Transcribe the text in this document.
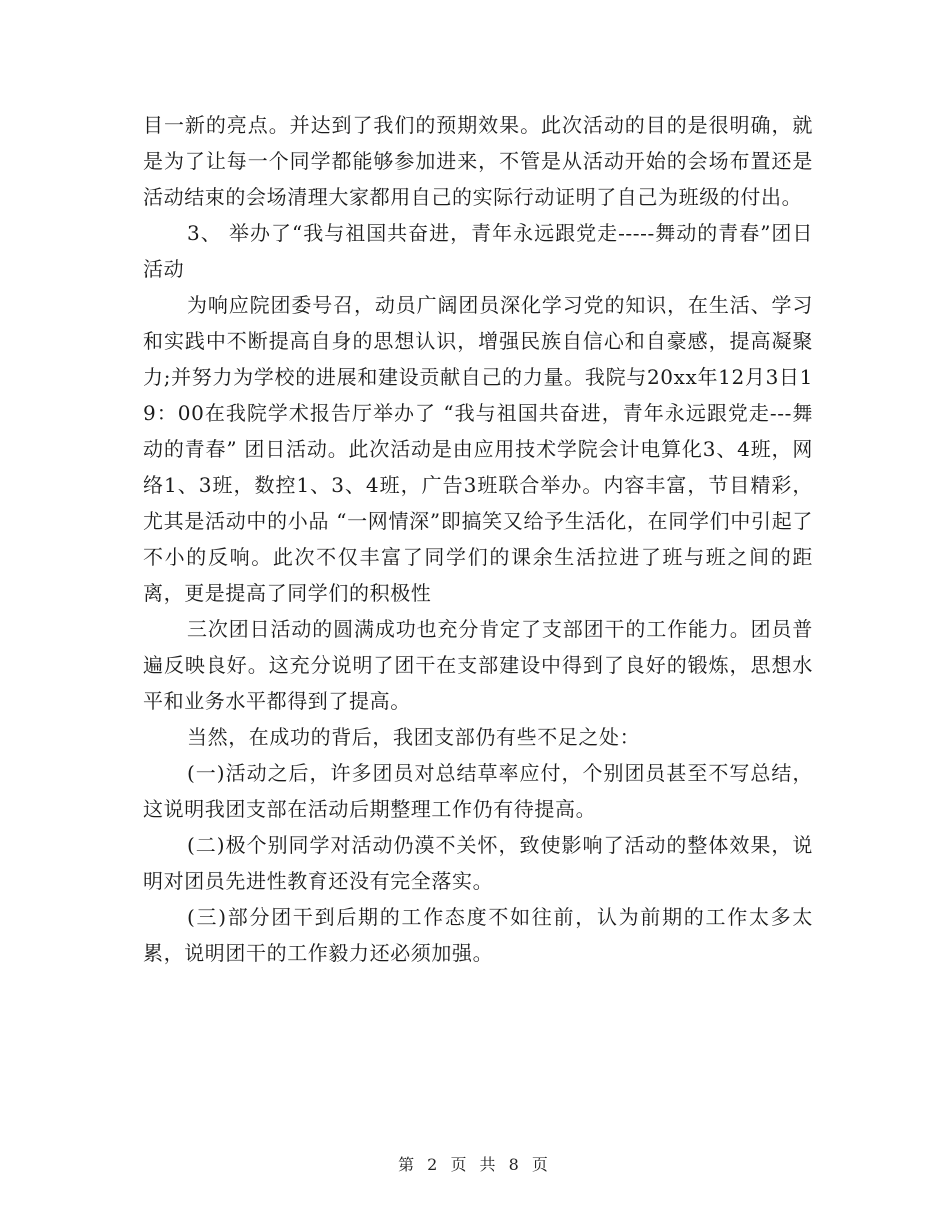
目一新的亮点。并达到了我们的预期效果。此次活动的目的是很明确，就是为了让每一个同学都能够参加进来，不管是从活动开始的会场布置还是活动结束的会场清理大家都用自己的实际行动证明了自己为班级的付出。

3、 举办了“我与祖国共奋进，青年永远跟党走-----舞动的青春”团日活动

为响应院团委号召，动员广阔团员深化学习党的知识，在生活、学习和实践中不断提高自身的思想认识，增强民族自信心和自豪感，提高凝聚力;并努力为学校的进展和建设贡献自己的力量。我院与20xx年12月3日19：00在我院学术报告厅举办了 “我与祖国共奋进，青年永远跟党走---舞动的青春” 团日活动。此次活动是由应用技术学院会计电算化3、4班，网络1、3班，数控1、3、4班，广告3班联合举办。内容丰富，节目精彩，尤其是活动中的小品 “一网情深”即搞笑又给予生活化，在同学们中引起了不小的反响。此次不仅丰富了同学们的课余生活拉进了班与班之间的距离，更是提高了同学们的积极性

三次团日活动的圆满成功也充分肯定了支部团干的工作能力。团员普遍反映良好。这充分说明了团干在支部建设中得到了良好的锻炼，思想水平和业务水平都得到了提高。

当然，在成功的背后，我团支部仍有些不足之处：

(一)活动之后，许多团员对总结草率应付，个别团员甚至不写总结，这说明我团支部在活动后期整理工作仍有待提高。

(二)极个别同学对活动仍漠不关怀，致使影响了活动的整体效果，说明对团员先进性教育还没有完全落实。

(三)部分团干到后期的工作态度不如往前，认为前期的工作太多太累，说明团干的工作毅力还必须加强。

第 2 页 共 8 页
